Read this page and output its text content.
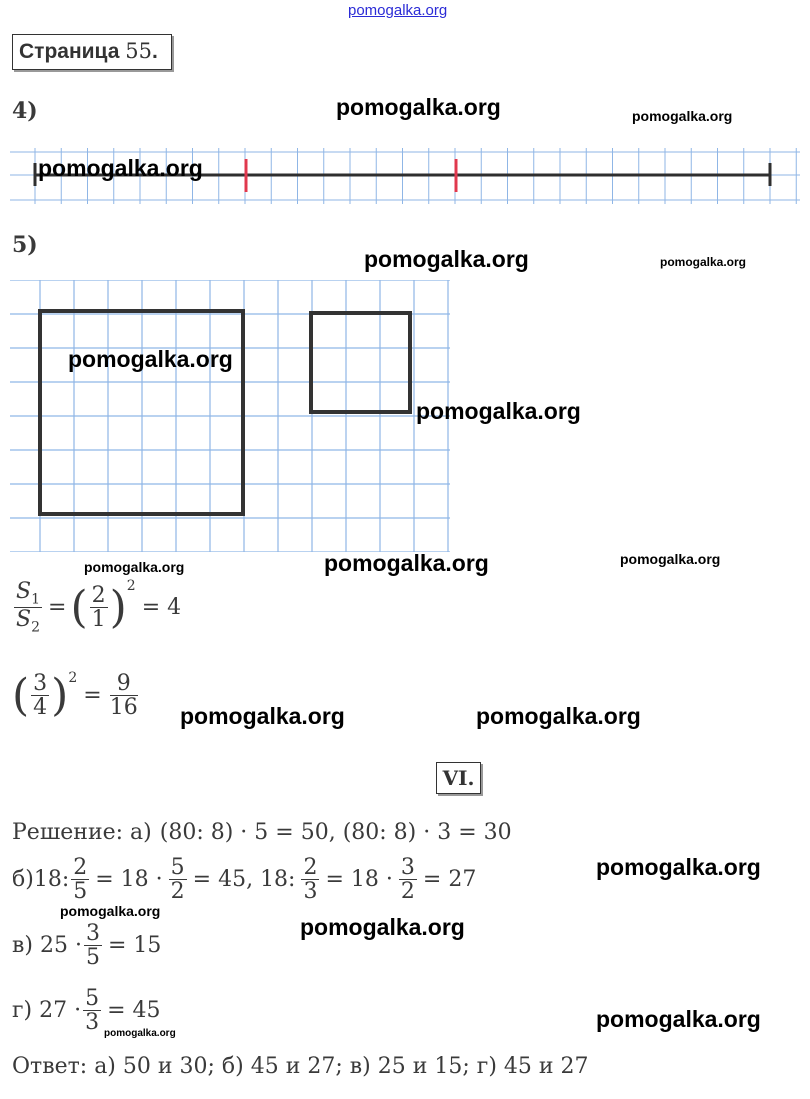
pomogalka.org
Страница 55.
4)	pomogalka.org	pomogalka.org
pomogalka.org
5)
pomogalka.org	pomogalka.org
pomogalka.org
pomogalka.org
pomogalka.org	pomogalka.org	pomogalka.org
$\frac{S_1}{S_2}$ = ( $\frac{2}{1} )^2$
= 4
( $\frac{3}{4} )^2$
= $\frac{9}{16}$ pomogalka.org	pomogalka.org
VI.
Решение: а) (80: 8) · 5 = 50, (80: 8) · 3 = 30
б)18: $\frac{2}{5} = 18 \cdot \frac{5}{2} = 45$, 18: $\frac{2}{3} = 18 \cdot \frac{3}{2} = 27$	pomogalka.org
pomogalka.org
pomogalka.org
в) $25 \cdot \frac{3}{5} = 15$
г) $27 \cdot \frac{5}{3} = 45$
pomogalka.org
pomogalka.org
Ответ: а) 50 и 30; б) 45 и 27; в) 25 и 15; г) 45 и 27
